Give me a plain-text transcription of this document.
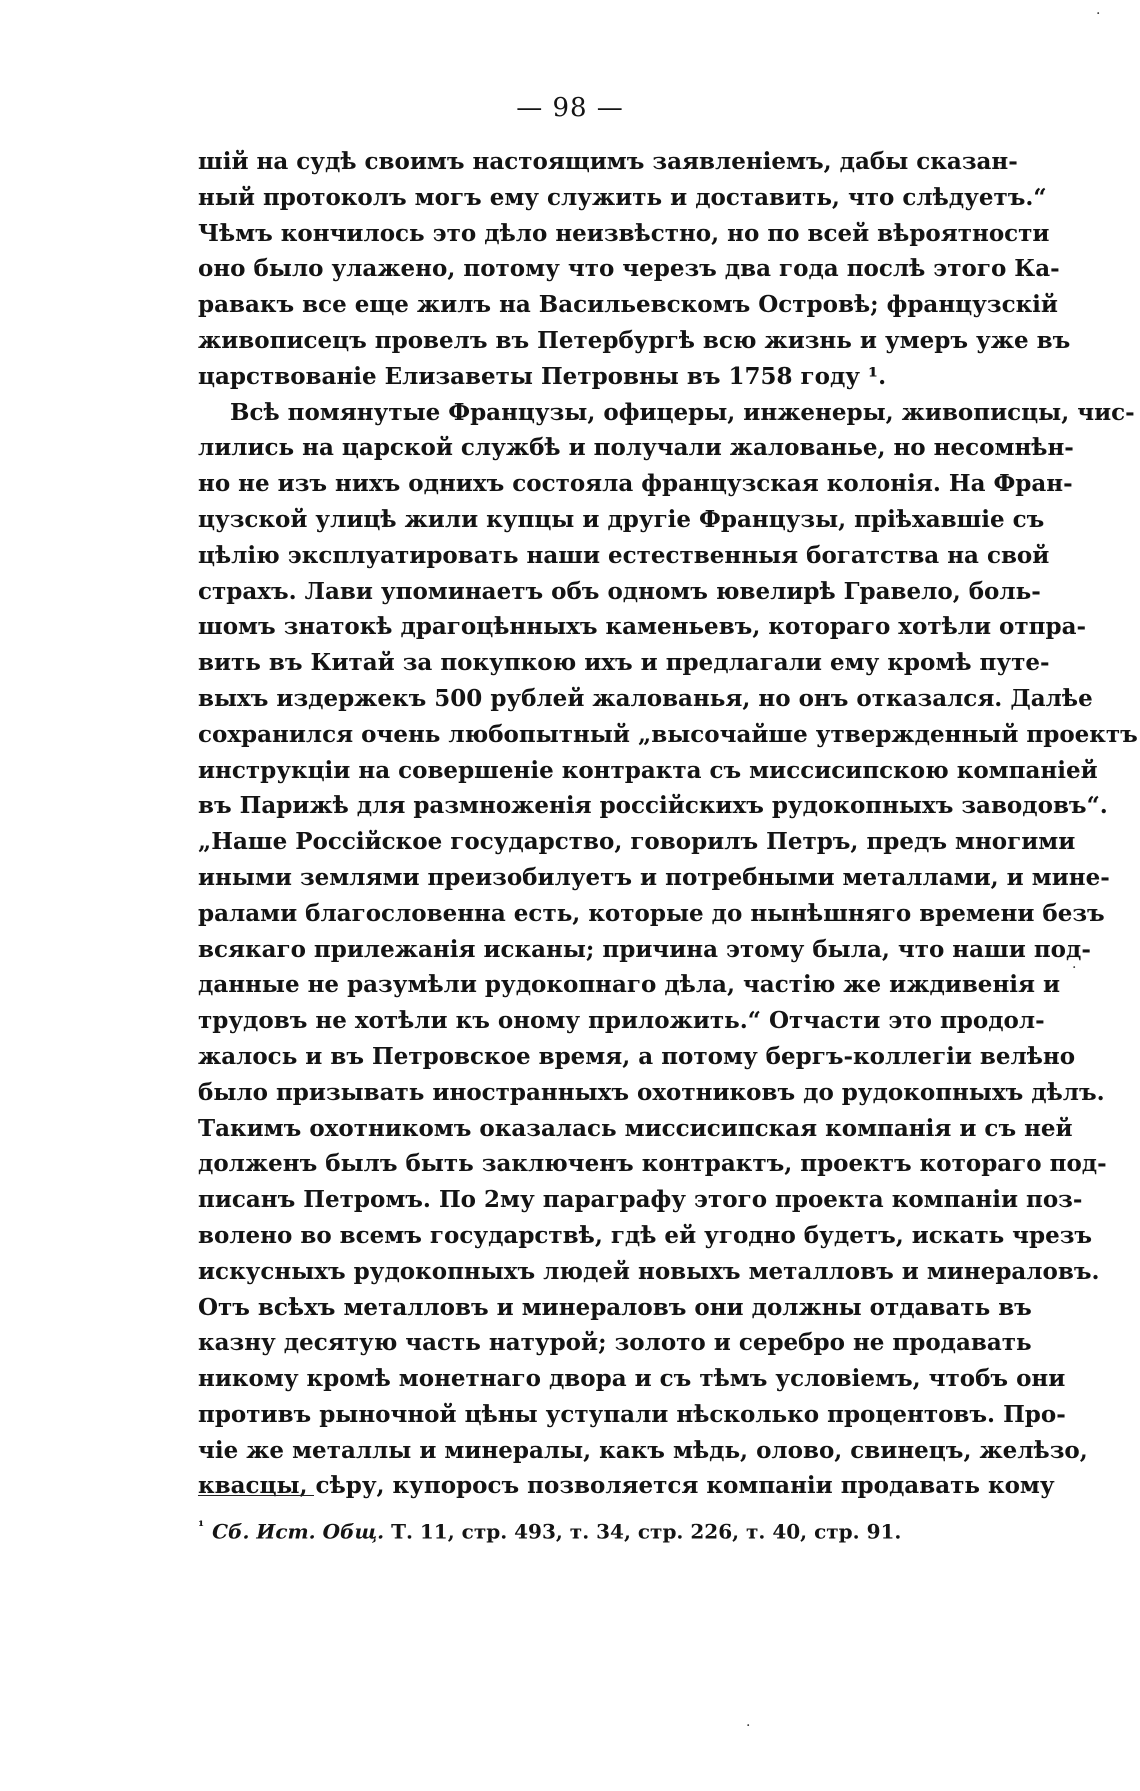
— 98 —
шій на судѣ своимъ настоящимъ заявленіемъ, дабы сказан-
ный протоколъ могъ ему служить и доставить, что слѣдуетъ.“
Чѣмъ кончилось это дѣло неизвѣстно, но по всей вѣроятности
оно было улажено, потому что черезъ два года послѣ этого Ка-
равакъ все еще жилъ на Васильевскомъ Островѣ; французскій
живописецъ провелъ въ Петербургѣ всю жизнь и умеръ уже въ
царствованіе Елизаветы Петровны въ 1758 году ¹.
Всѣ помянутые Французы, офицеры, инженеры, живописцы, чис-
лились на царской службѣ и получали жалованье, но несомнѣн-
но не изъ нихъ однихъ состояла французская колонія. На Фран-
цузской улицѣ жили купцы и другіе Французы, пріѣхавшіе съ
цѣлію эксплуатировать наши естественныя богатства на свой
страхъ. Лави упоминаетъ объ одномъ ювелирѣ Гравело, боль-
шомъ знатокѣ драгоцѣнныхъ каменьевъ, котораго хотѣли отпра-
вить въ Китай за покупкою ихъ и предлагали ему кромѣ путе-
выхъ издержекъ 500 рублей жалованья, но онъ отказался. Далѣе
сохранился очень любопытный „высочайше утвержденный проектъ
инструкціи на совершеніе контракта съ миссисипскою компаніей
въ Парижѣ для размноженія россійскихъ рудокопныхъ заводовъ“.
„Наше Россійское государство, говорилъ Петръ, предъ многими
иными землями преизобилуетъ и потребными металлами, и мине-
ралами благословенна есть, которые до нынѣшняго времени безъ
всякаго прилежанія исканы; причина этому была, что наши под-
данные не разумѣли рудокопнаго дѣла, частію же иждивенія и
трудовъ не хотѣли къ оному приложить.“ Отчасти это продол-
жалось и въ Петровское время, а потому бергъ-коллегіи велѣно
было призывать иностранныхъ охотниковъ до рудокопныхъ дѣлъ.
Такимъ охотникомъ оказалась миссисипская компанія и съ ней
долженъ былъ быть заключенъ контрактъ, проектъ котораго под-
писанъ Петромъ. По 2му параграфу этого проекта компаніи поз-
волено во всемъ государствѣ, гдѣ ей угодно будетъ, искать чрезъ
искусныхъ рудокопныхъ людей новыхъ металловъ и минераловъ.
Отъ всѣхъ металловъ и минераловъ они должны отдавать въ
казну десятую часть натурой; золото и серебро не продавать
никому кромѣ монетнаго двора и съ тѣмъ условіемъ, чтобъ они
противъ рыночной цѣны уступали нѣсколько процентовъ. Про-
чіе же металлы и минералы, какъ мѣдь, олово, свинецъ, желѣзо,
квасцы, сѣру, купоросъ позволяется компаніи продавать кому
$^{^1}$ Сб. Ист. Общ. Т. 11, стр. 493, т. 34, стр. 226, т. 40, стр. 91.
·
·
·
